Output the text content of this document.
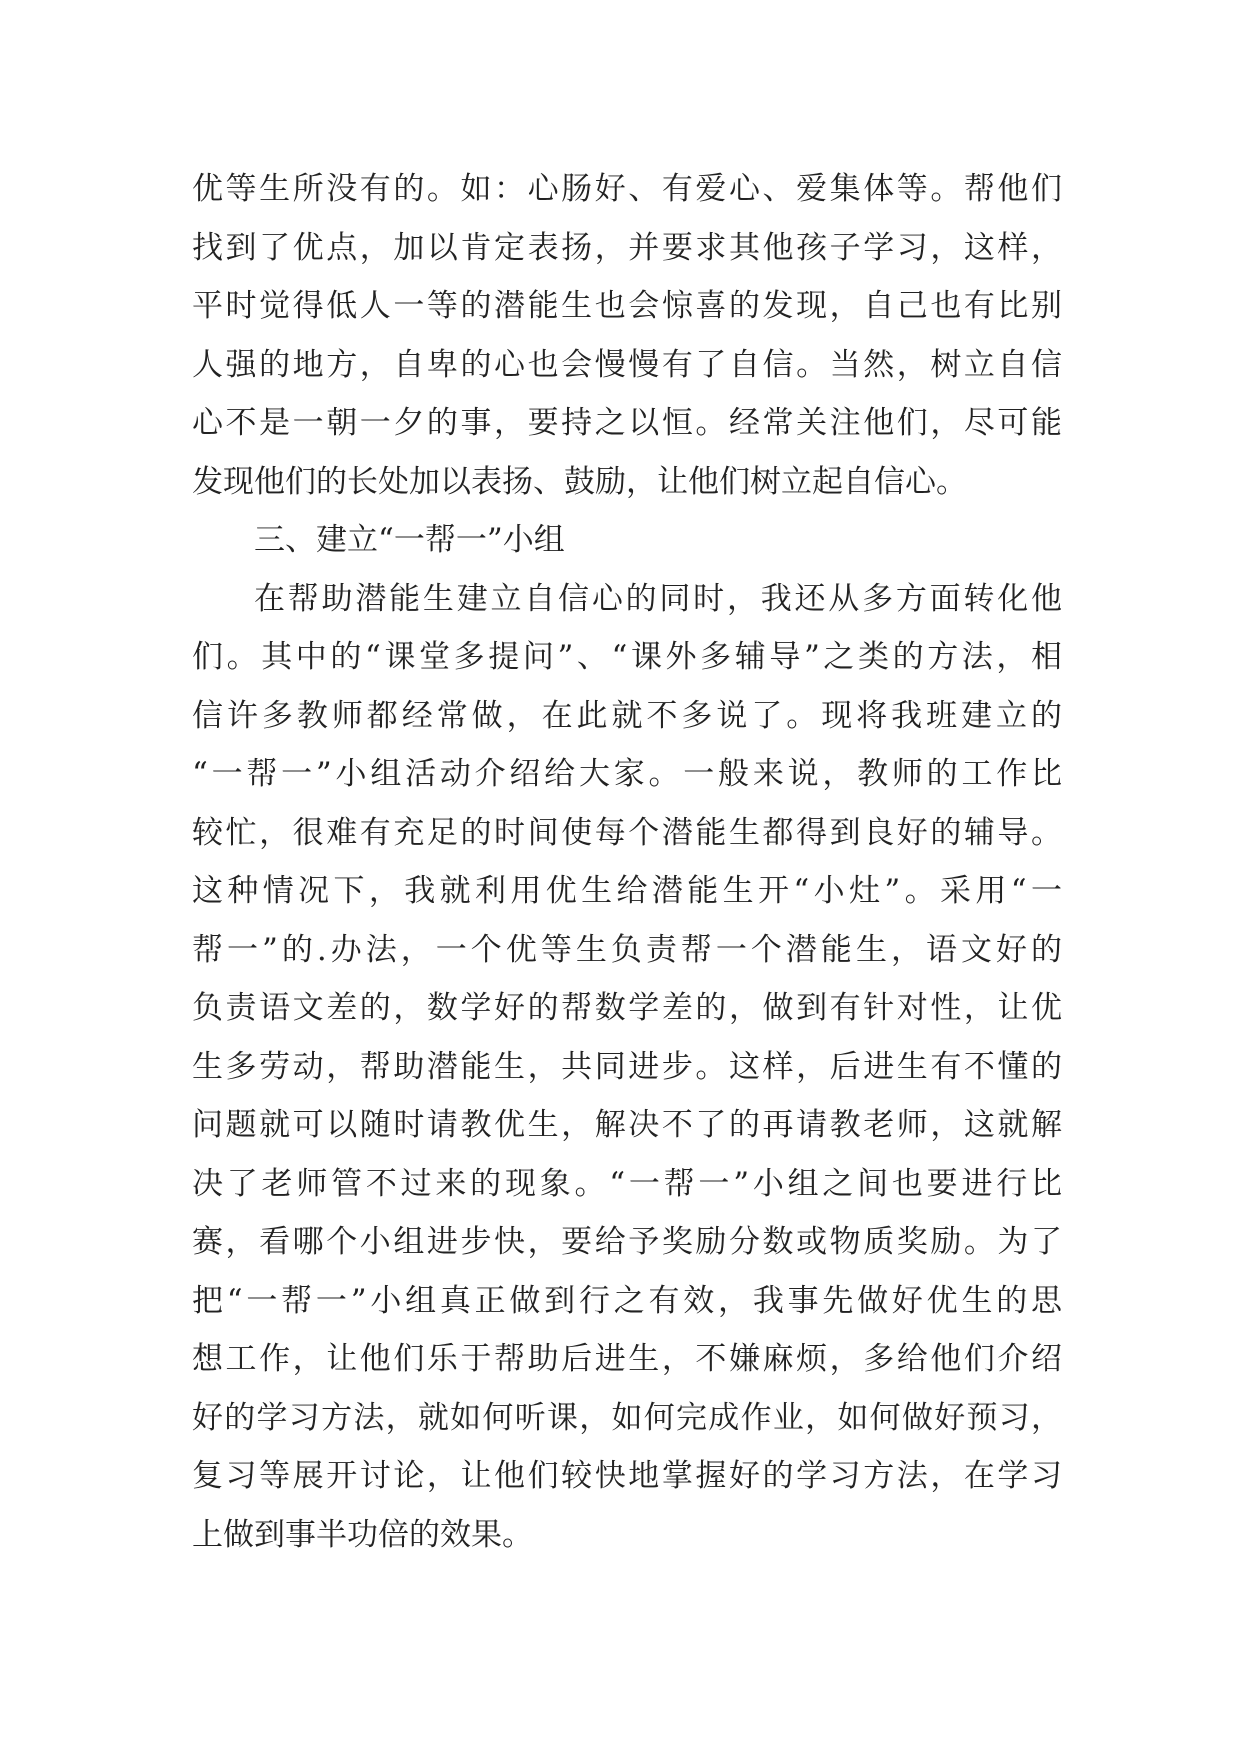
优等生所没有的。如：心肠好、有爱心、爱集体等。帮他们
找到了优点，加以肯定表扬，并要求其他孩子学习，这样，
平时觉得低人一等的潜能生也会惊喜的发现，自己也有比别
人强的地方，自卑的心也会慢慢有了自信。当然，树立自信
心不是一朝一夕的事，要持之以恒。经常关注他们，尽可能
发现他们的长处加以表扬、鼓励，让他们树立起自信心。
三、建立“一帮一”小组
在帮助潜能生建立自信心的同时，我还从多方面转化他
们。其中的“课堂多提问”、“课外多辅导”之类的方法，相
信许多教师都经常做，在此就不多说了。现将我班建立的
“一帮一”小组活动介绍给大家。一般来说，教师的工作比
较忙，很难有充足的时间使每个潜能生都得到良好的辅导。
这种情况下，我就利用优生给潜能生开“小灶”。采用“一
帮一”的.办法，一个优等生负责帮一个潜能生，语文好的
负责语文差的，数学好的帮数学差的，做到有针对性，让优
生多劳动，帮助潜能生，共同进步。这样，后进生有不懂的
问题就可以随时请教优生，解决不了的再请教老师，这就解
决了老师管不过来的现象。“一帮一”小组之间也要进行比
赛，看哪个小组进步快，要给予奖励分数或物质奖励。为了
把“一帮一”小组真正做到行之有效，我事先做好优生的思
想工作，让他们乐于帮助后进生，不嫌麻烦，多给他们介绍
好的学习方法，就如何听课，如何完成作业，如何做好预习，
复习等展开讨论，让他们较快地掌握好的学习方法，在学习
上做到事半功倍的效果。
